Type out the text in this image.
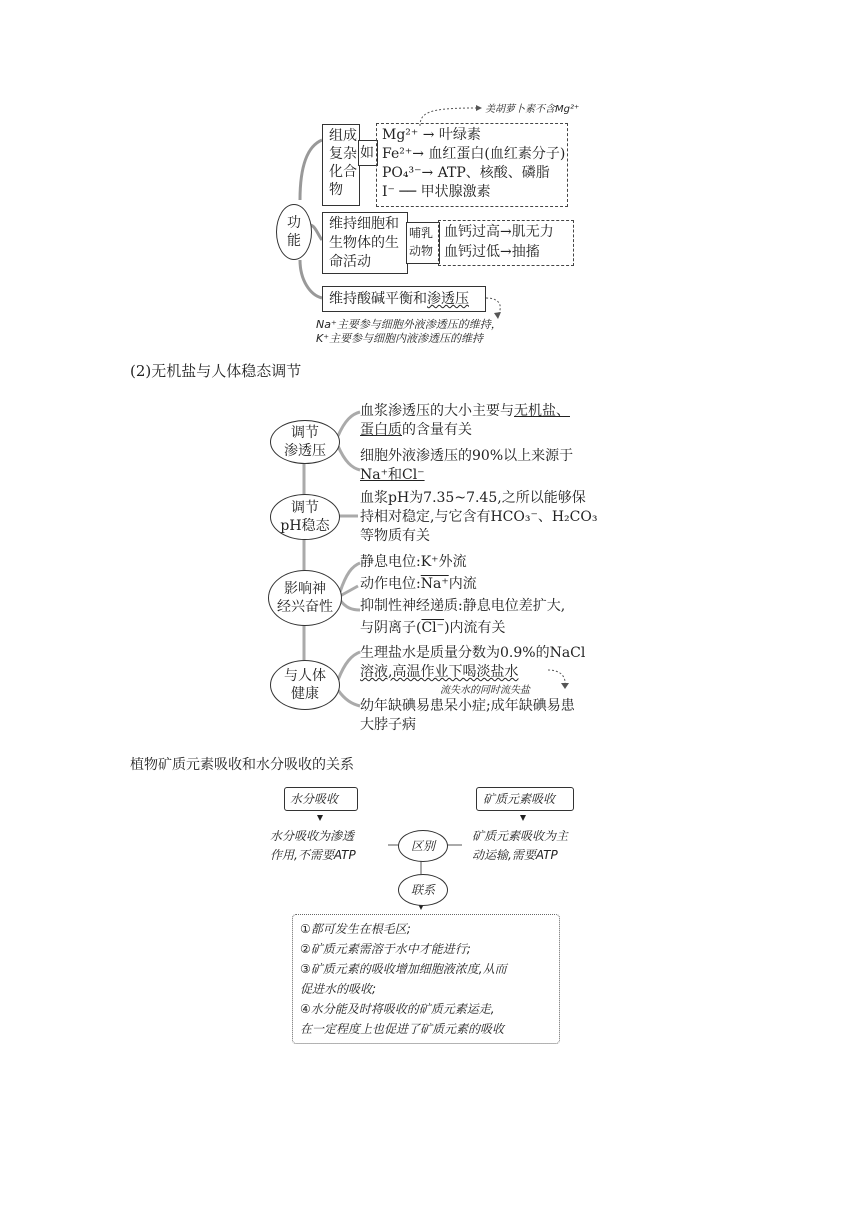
功
能
组成
复杂
化合
物
如
Mg²⁺ → 叶绿素
Fe²⁺→ 血红蛋白(血红素分子)
PO₄³⁻→ ATP、核酸、磷脂
I⁻ ── 甲状腺激素
美胡萝卜素不含Mg²⁺
维持细胞和
生物体的生
命活动
哺乳
动物
血钙过高→肌无力
血钙过低→抽搐
维持酸碱平衡和渗透压
Na⁺主要参与细胞外液渗透压的维持，
K⁺主要参与细胞内液渗透压的维持
(2)无机盐与人体稳态调节
调节
渗透压
调节
pH稳态
影响神
经兴奋性
与人体
健康
血浆渗透压的大小主要与无机盐、
蛋白质的含量有关
细胞外液渗透压的90%以上来源于
Na⁺和Cl⁻
血浆pH为7.35~7.45,之所以能够保
持相对稳定,与它含有HCO₃⁻、H₂CO₃
等物质有关
静息电位:K⁺外流
动作电位:Na⁺内流
抑制性神经递质:静息电位差扩大,
与阴离子(Cl⁻)内流有关
生理盐水是质量分数为0.9%的NaCl
溶液,高温作业下喝淡盐水
流失水的同时流失盐
幼年缺碘易患呆小症;成年缺碘易患
大脖子病
植物矿质元素吸收和水分吸收的关系
水分吸收	矿质元素吸收
水分吸收为渗透
作用,不需要ATP
矿质元素吸收为主
动运输,需要ATP
区别
联系
①都可发生在根毛区;
②矿质元素需溶于水中才能进行;
③矿质元素的吸收增加细胞液浓度,从而
促进水的吸收;
④水分能及时将吸收的矿质元素运走,
在一定程度上也促进了矿质元素的吸收
